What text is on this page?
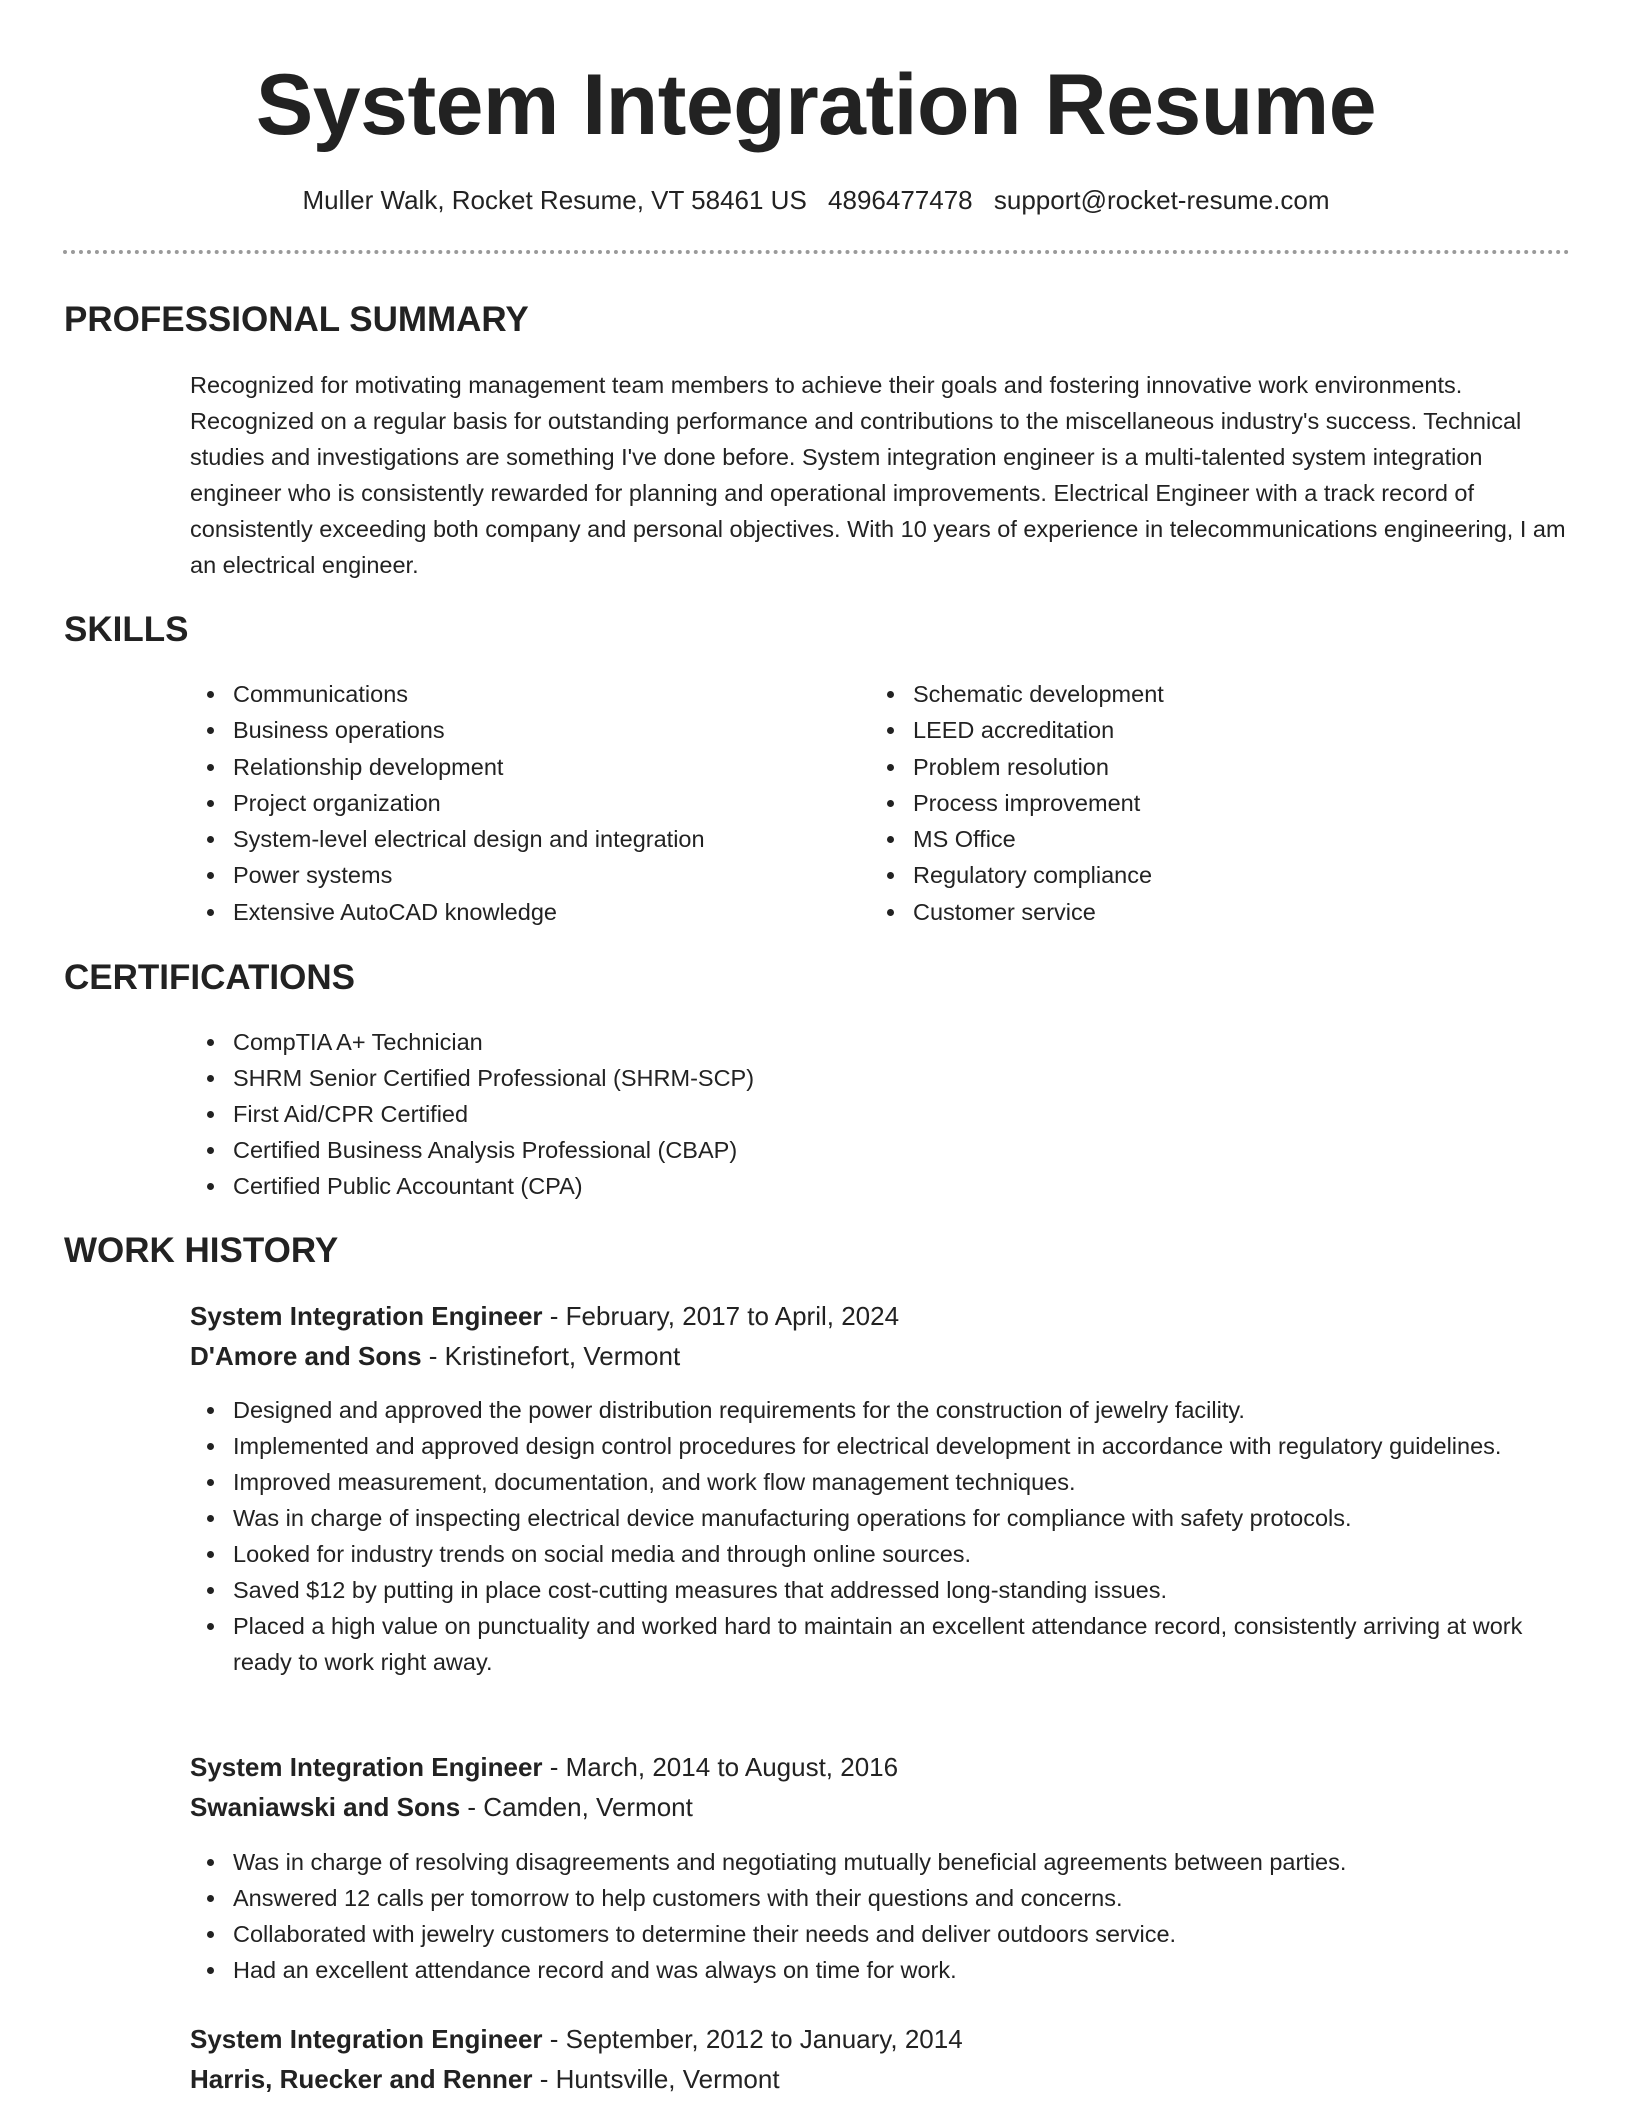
System Integration Resume
Muller Walk, Rocket Resume, VT 58461 US 4896477478 support@rocket-resume.com
PROFESSIONAL SUMMARY

Recognized for motivating management team members to achieve their goals and fostering innovative work environments. Recognized on a regular basis for outstanding performance and contributions to the miscellaneous industry's success. Technical studies and investigations are something I've done before. System integration engineer is a multi-talented system integration engineer who is consistently rewarded for planning and operational improvements. Electrical Engineer with a track record of consistently exceeding both company and personal objectives. With 10 years of experience in telecommunications engineering, I am an electrical engineer.

SKILLS
Communications
Business operations
Relationship development
Project organization
System-level electrical design and integration
Power systems
Extensive AutoCAD knowledge
Schematic development
LEED accreditation
Problem resolution
Process improvement
MS Office
Regulatory compliance
Customer service
CERTIFICATIONS
CompTIA A+ Technician
SHRM Senior Certified Professional (SHRM-SCP)
First Aid/CPR Certified
Certified Business Analysis Professional (CBAP)
Certified Public Accountant (CPA)
WORK HISTORY
System Integration Engineer - February, 2017 to April, 2024
D'Amore and Sons - Kristinefort, Vermont
Designed and approved the power distribution requirements for the construction of jewelry facility.
Implemented and approved design control procedures for electrical development in accordance with regulatory guidelines.
Improved measurement, documentation, and work flow management techniques.
Was in charge of inspecting electrical device manufacturing operations for compliance with safety protocols.
Looked for industry trends on social media and through online sources.
Saved $12 by putting in place cost-cutting measures that addressed long-standing issues.
Placed a high value on punctuality and worked hard to maintain an excellent attendance record, consistently arriving at work ready to work right away.
System Integration Engineer - March, 2014 to August, 2016
Swaniawski and Sons - Camden, Vermont
Was in charge of resolving disagreements and negotiating mutually beneficial agreements between parties.
Answered 12 calls per tomorrow to help customers with their questions and concerns.
Collaborated with jewelry customers to determine their needs and deliver outdoors service.
Had an excellent attendance record and was always on time for work.
System Integration Engineer - September, 2012 to January, 2014
Harris, Ruecker and Renner - Huntsville, Vermont
